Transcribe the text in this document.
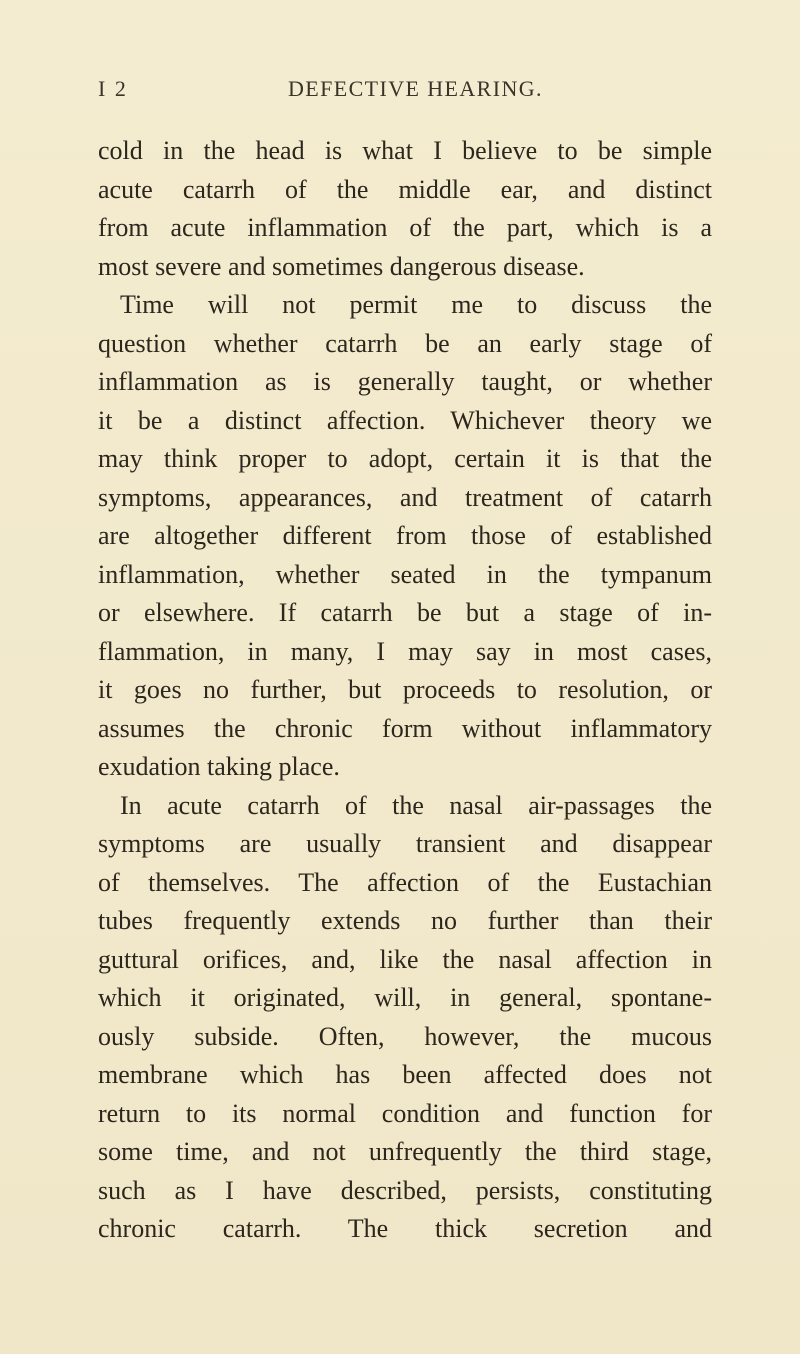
I 2	DEFECTIVE HEARING.
cold in the head is what I believe to be simple
acute catarrh of the middle ear, and distinct
from acute inflammation of the part, which is a
most severe and sometimes dangerous disease.
Time will not permit me to discuss the
question whether catarrh be an early stage of
inflammation as is generally taught, or whether
it be a distinct affection. Whichever theory we
may think proper to adopt, certain it is that the
symptoms, appearances, and treatment of catarrh
are altogether different from those of established
inflammation, whether seated in the tympanum
or elsewhere. If catarrh be but a stage of in-
flammation, in many, I may say in most cases,
it goes no further, but proceeds to resolution, or
assumes the chronic form without inflammatory
exudation taking place.
In acute catarrh of the nasal air-passages the
symptoms are usually transient and disappear
of themselves. The affection of the Eustachian
tubes frequently extends no further than their
guttural orifices, and, like the nasal affection in
which it originated, will, in general, spontane-
ously subside. Often, however, the mucous
membrane which has been affected does not
return to its normal condition and function for
some time, and not unfrequently the third stage,
such as I have described, persists, constituting
chronic catarrh. The thick secretion and
